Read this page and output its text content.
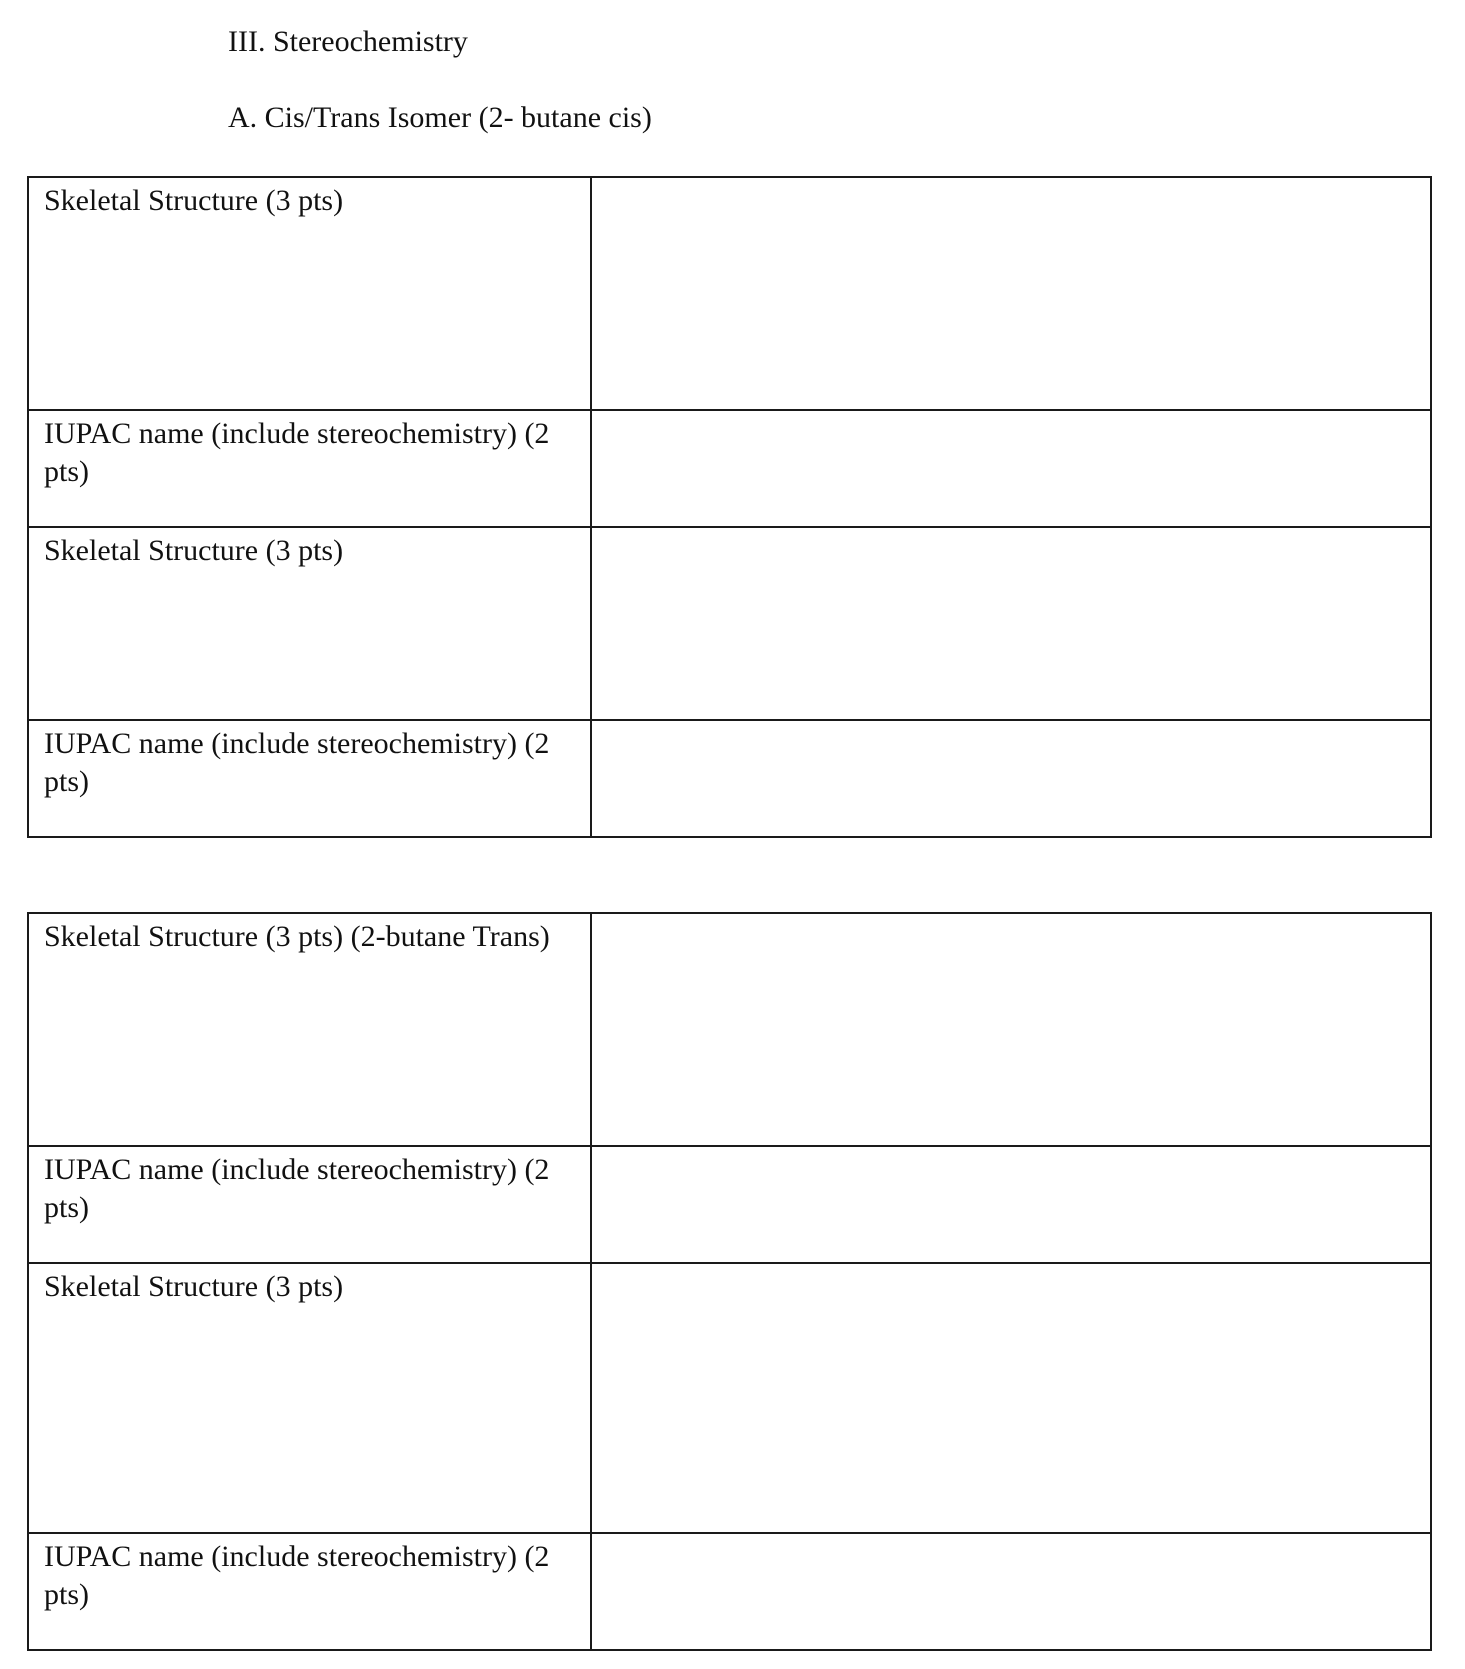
III. Stereochemistry
A. Cis/Trans Isomer (2- butane cis)
Skeletal Structure (3 pts)	

IUPAC name (include stereochemistry) (2 pts)	

Skeletal Structure (3 pts)	

IUPAC name (include stereochemistry) (2 pts)	

Skeletal Structure (3 pts) (2-butane Trans)	

IUPAC name (include stereochemistry) (2 pts)	

Skeletal Structure (3 pts)	

IUPAC name (include stereochemistry) (2 pts)	
